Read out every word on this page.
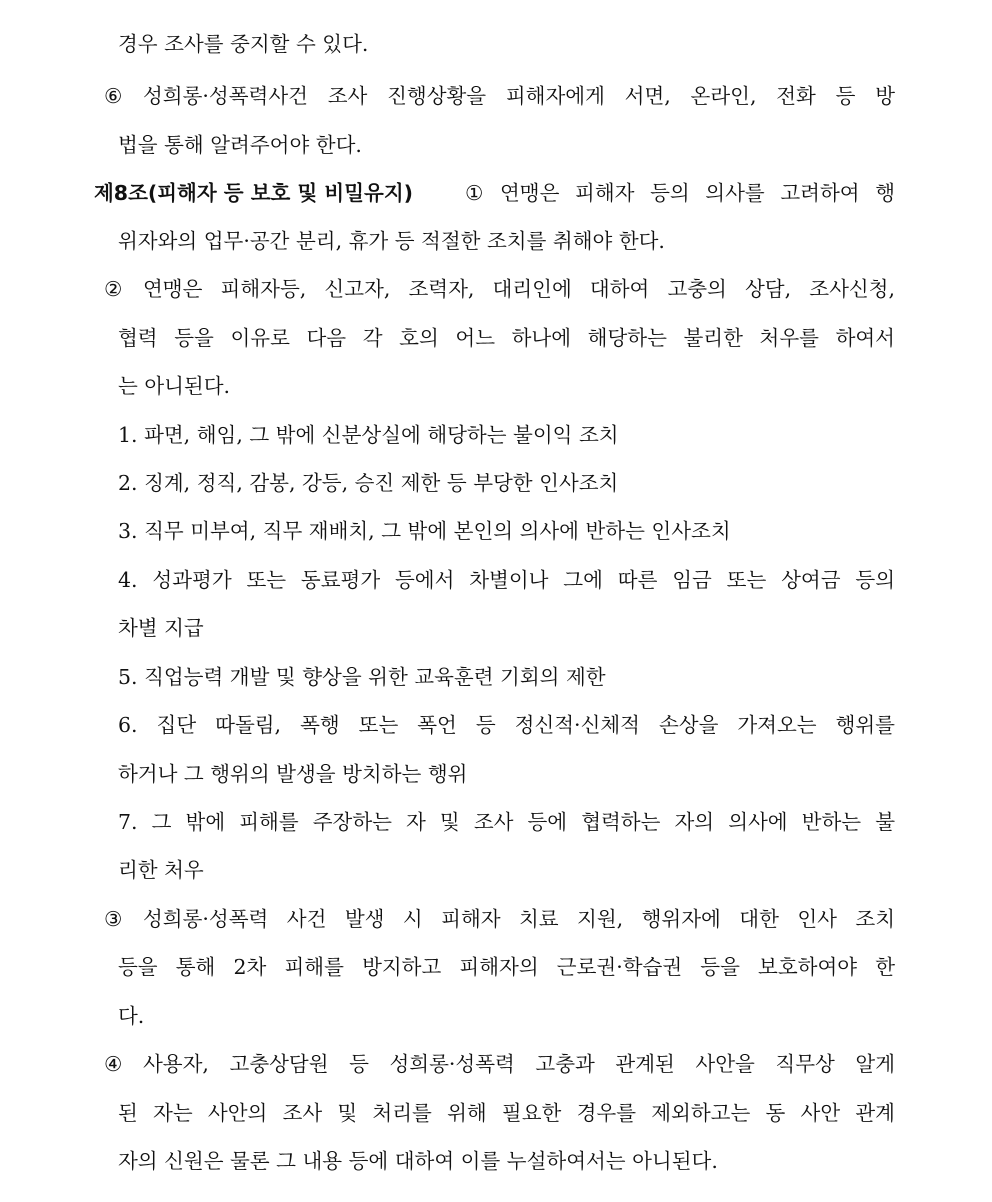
경우 조사를 중지할 수 있다.
⑥ 성희롱·성폭력사건 조사 진행상황을 피해자에게 서면, 온라인, 전화 등 방
법을 통해 알려주어야 한다.
제8조(피해자 등 보호 및 비밀유지)	① 연맹은 피해자 등의 의사를 고려하여 행
위자와의 업무·공간 분리, 휴가 등 적절한 조치를 취해야 한다.
② 연맹은 피해자등, 신고자, 조력자, 대리인에 대하여 고충의 상담, 조사신청,
협력 등을 이유로 다음 각 호의 어느 하나에 해당하는 불리한 처우를 하여서
는 아니된다.
1. 파면, 해임, 그 밖에 신분상실에 해당하는 불이익 조치
2. 징계, 정직, 감봉, 강등, 승진 제한 등 부당한 인사조치
3. 직무 미부여, 직무 재배치, 그 밖에 본인의 의사에 반하는 인사조치
4. 성과평가 또는 동료평가 등에서 차별이나 그에 따른 임금 또는 상여금 등의
차별 지급
5. 직업능력 개발 및 향상을 위한 교육훈련 기회의 제한
6. 집단 따돌림, 폭행 또는 폭언 등 정신적·신체적 손상을 가져오는 행위를
하거나 그 행위의 발생을 방치하는 행위
7. 그 밖에 피해를 주장하는 자 및 조사 등에 협력하는 자의 의사에 반하는 불
리한 처우
③ 성희롱·성폭력 사건 발생 시 피해자 치료 지원, 행위자에 대한 인사 조치
등을 통해 2차 피해를 방지하고 피해자의 근로권·학습권 등을 보호하여야 한
다.
④ 사용자, 고충상담원 등 성희롱·성폭력 고충과 관계된 사안을 직무상 알게
된 자는 사안의 조사 및 처리를 위해 필요한 경우를 제외하고는 동 사안 관계
자의 신원은 물론 그 내용 등에 대하여 이를 누설하여서는 아니된다.
